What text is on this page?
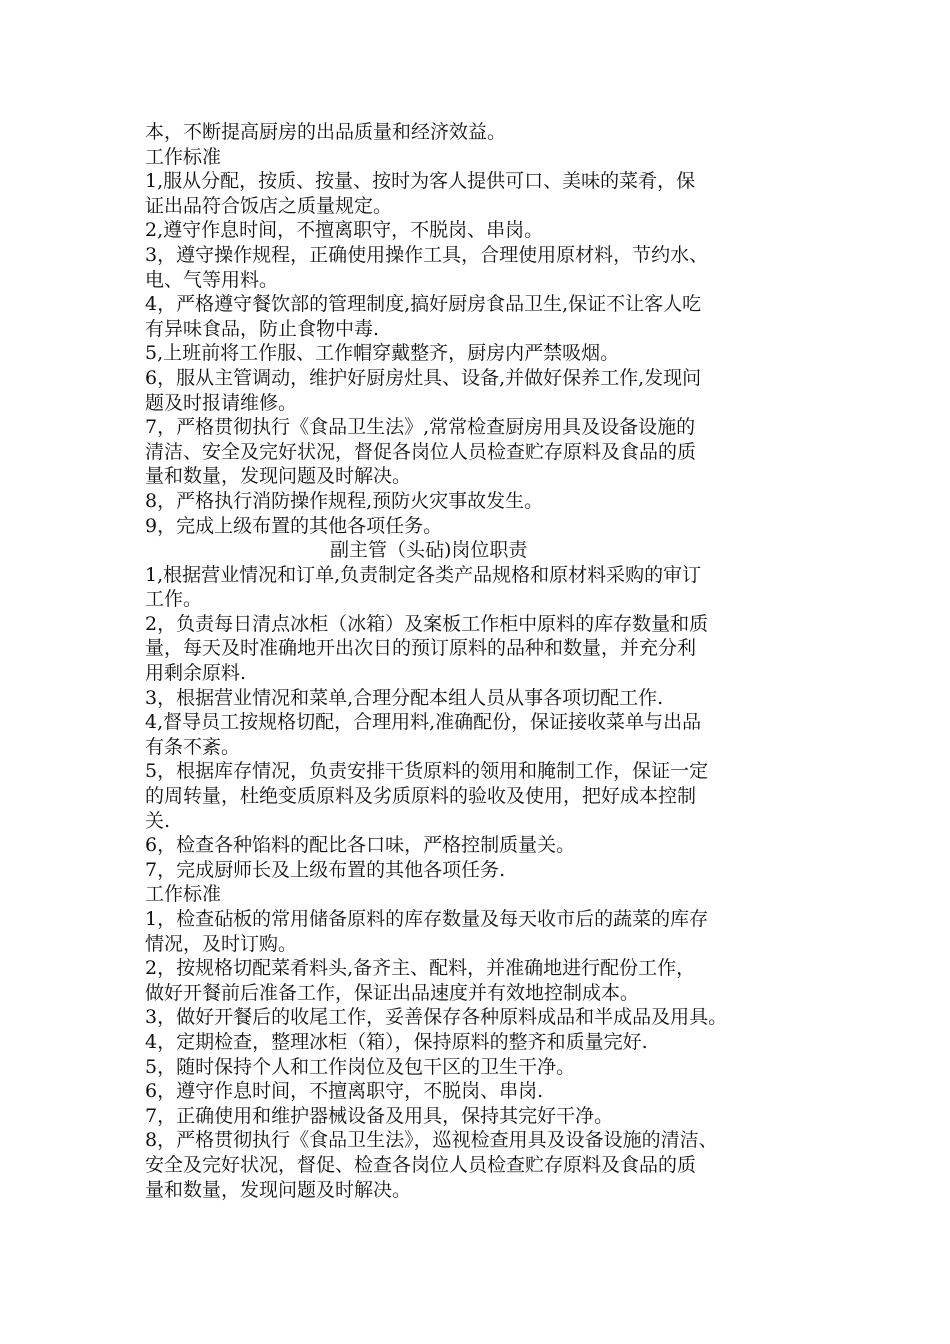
本，不断提高厨房的出品质量和经济效益。
工作标准
1,服从分配，按质、按量、按时为客人提供可口、美味的菜肴，保
证出品符合饭店之质量规定。
2,遵守作息时间，不擅离职守，不脱岗、串岗。
3，遵守操作规程，正确使用操作工具，合理使用原材料，节约水、
电、气等用料。
4，严格遵守餐饮部的管理制度,搞好厨房食品卫生,保证不让客人吃
有异味食品，防止食物中毒.
5,上班前将工作服、工作帽穿戴整齐，厨房内严禁吸烟。
6，服从主管调动，维护好厨房灶具、设备,并做好保养工作,发现问
题及时报请维修。
7，严格贯彻执行《食品卫生法》,常常检查厨房用具及设备设施的
清洁、安全及完好状况，督促各岗位人员检查贮存原料及食品的质
量和数量，发现问题及时解决。
8，严格执行消防操作规程,预防火灾事故发生。
9，完成上级布置的其他各项任务。
副主管（头砧)岗位职责
1,根据营业情况和订单,负责制定各类产品规格和原材料采购的审订
工作。
2，负责每日清点冰柜（冰箱）及案板工作柜中原料的库存数量和质
量，每天及时准确地开出次日的预订原料的品种和数量，并充分利
用剩余原料.
3，根据营业情况和菜单,合理分配本组人员从事各项切配工作.
4,督导员工按规格切配，合理用料,准确配份，保证接收菜单与出品
有条不紊。
5，根据库存情况，负责安排干货原料的领用和腌制工作，保证一定
的周转量，杜绝变质原料及劣质原料的验收及使用，把好成本控制
关.
6，检查各种馅料的配比各口味，严格控制质量关。
7，完成厨师长及上级布置的其他各项任务.
工作标准
1，检查砧板的常用储备原料的库存数量及每天收市后的蔬菜的库存
情况，及时订购。
2，按规格切配菜肴料头,备齐主、配料，并准确地进行配份工作，
做好开餐前后准备工作，保证出品速度并有效地控制成本。
3，做好开餐后的收尾工作，妥善保存各种原料成品和半成品及用具。
4，定期检查，整理冰柜（箱），保持原料的整齐和质量完好.
5，随时保持个人和工作岗位及包干区的卫生干净。
6，遵守作息时间，不擅离职守，不脱岗、串岗.
7，正确使用和维护器械设备及用具，保持其完好干净。
8，严格贯彻执行《食品卫生法》，巡视检查用具及设备设施的清洁、
安全及完好状况，督促、检查各岗位人员检查贮存原料及食品的质
量和数量，发现问题及时解决。
